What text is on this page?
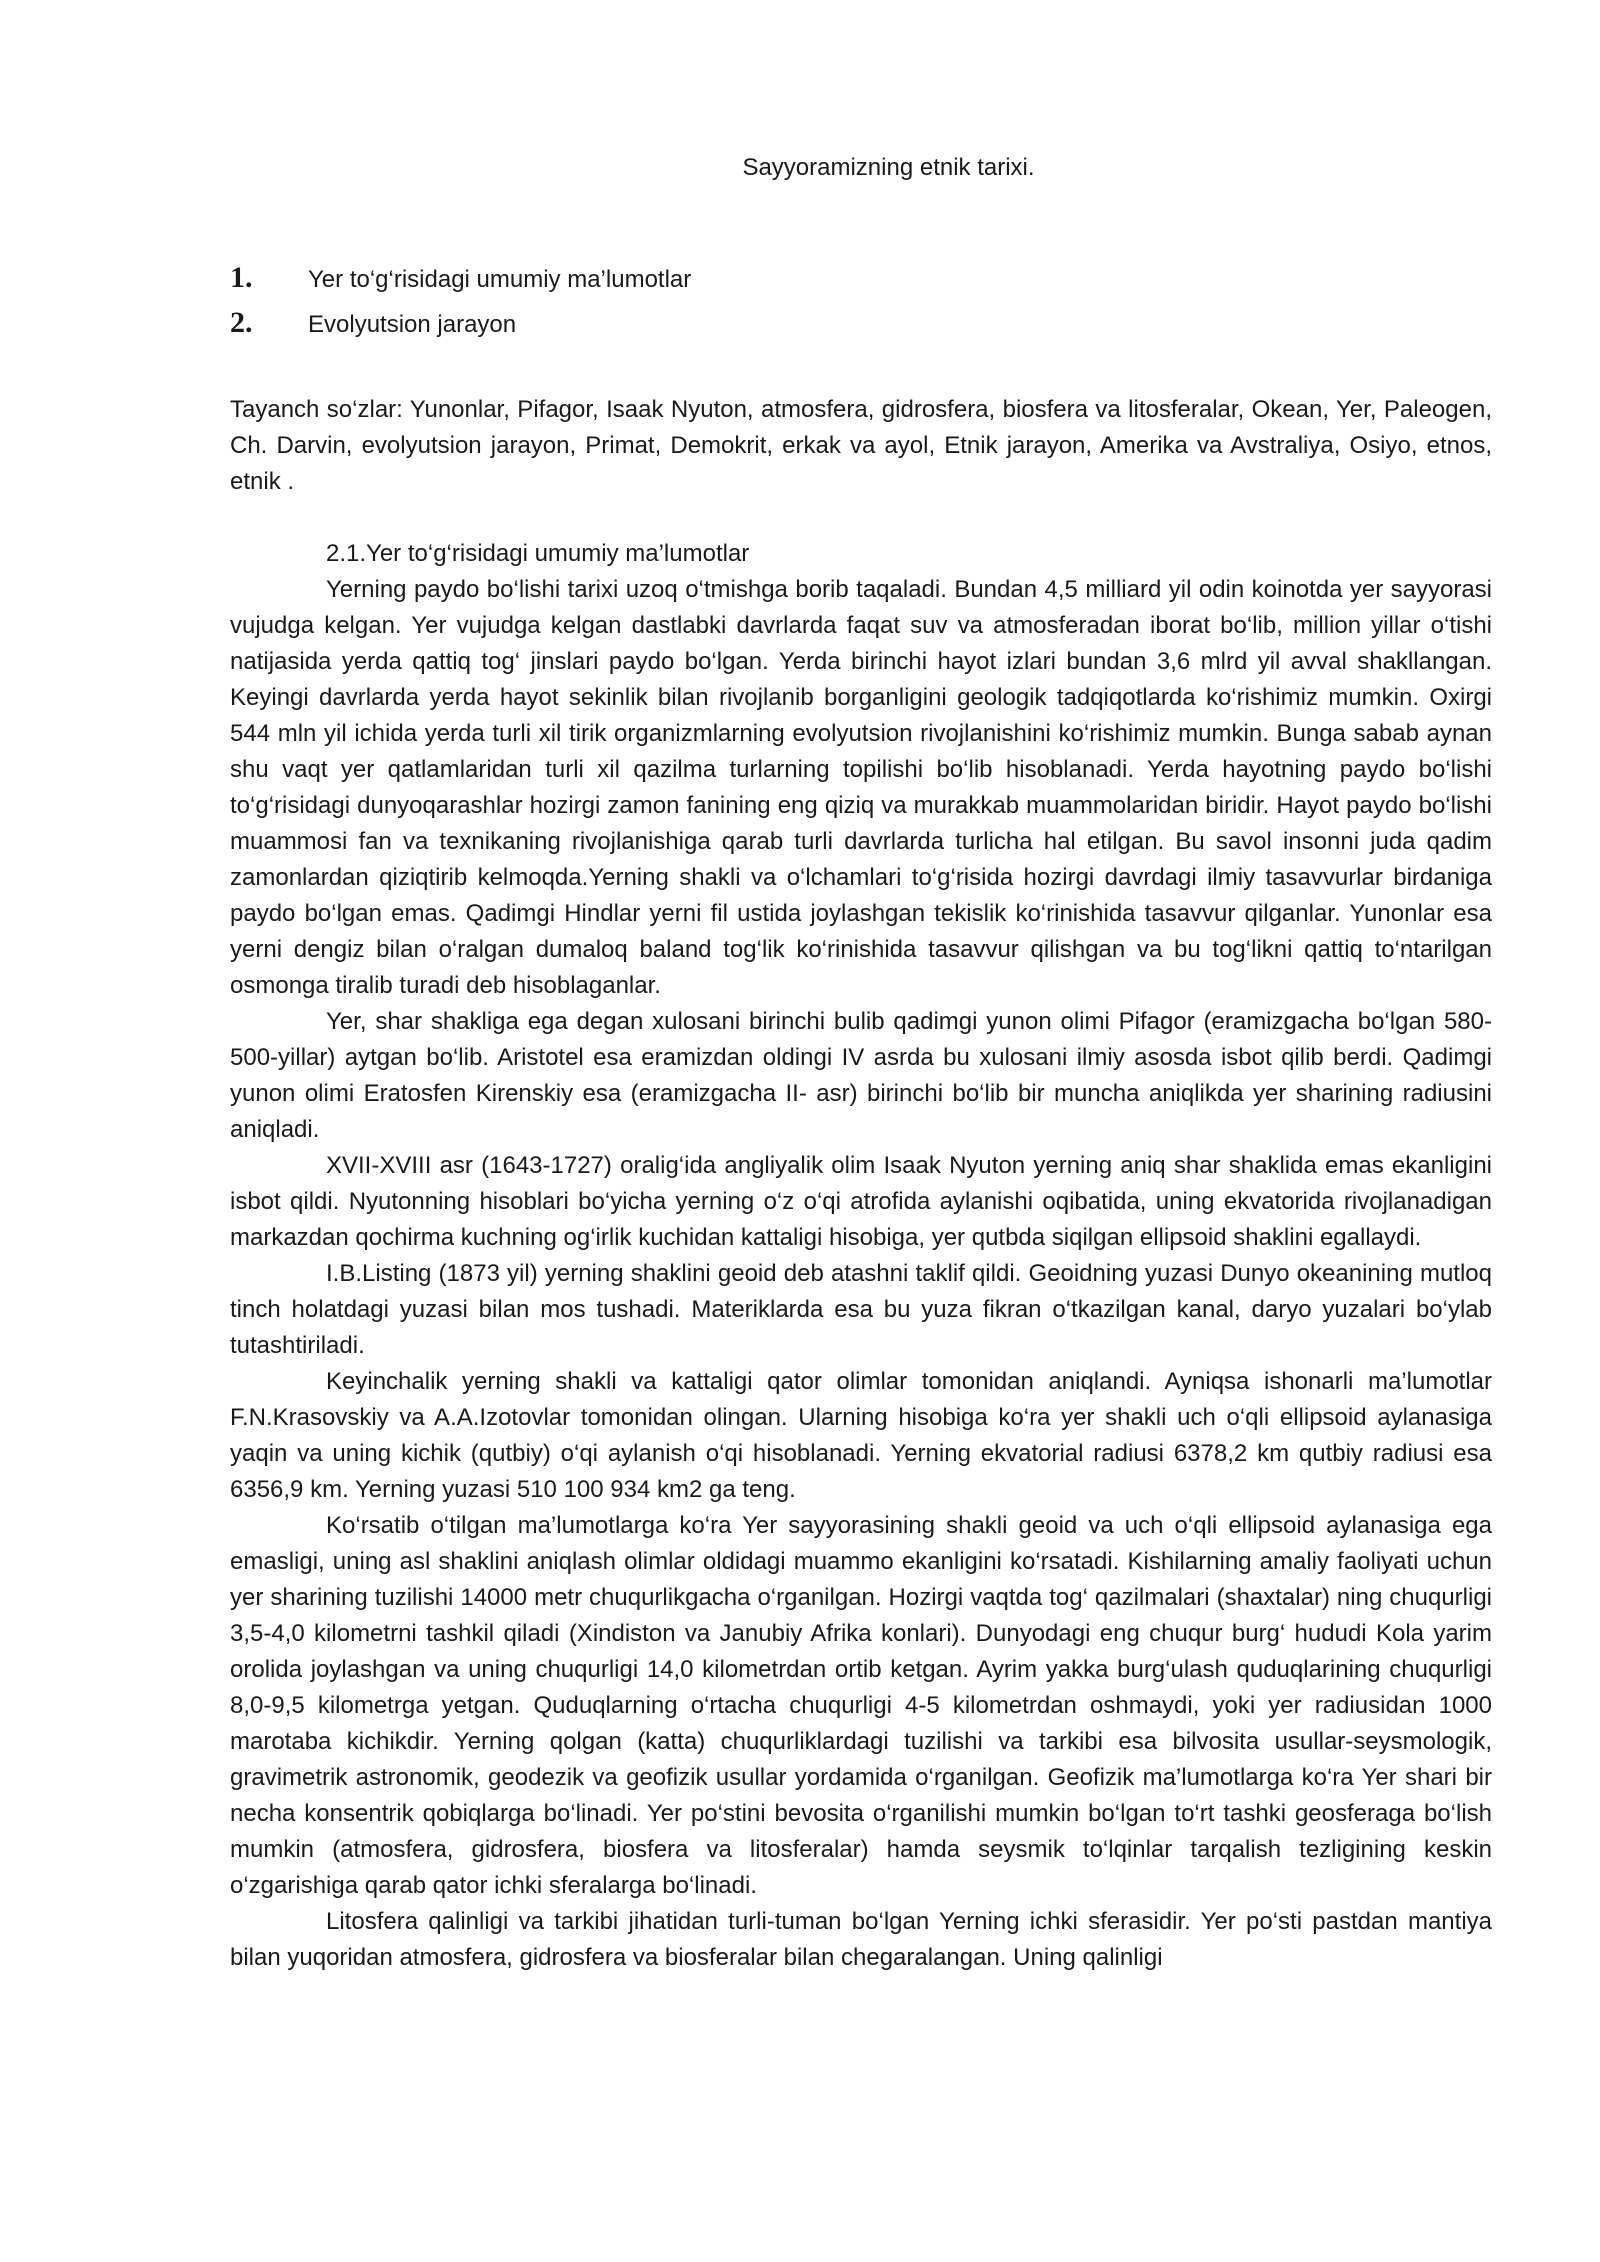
Sayyoramizning etnik tarixi.
1.	Yer to‘g‘risidagi umumiy ma’lumotlar
2.	Evolyutsion jarayon

Tayanch so‘zlar: Yunonlar, Pifagor, Isaak Nyuton, atmosfera, gidrosfera, biosfera va litosferalar, Okean, Yer, Paleogen, Ch. Darvin, evolyutsion jarayon, Primat, Demokrit, erkak va ayol, Etnik jarayon, Amerika va Avstraliya, Osiyo, etnos, etnik .

2.1.Yer to‘g‘risidagi umumiy ma’lumotlar

Yerning paydo bo‘lishi tarixi uzoq o‘tmishga borib taqaladi. Bundan 4,5 milliard yil odin koinotda yer sayyorasi vujudga kelgan. Yer vujudga kelgan dastlabki davrlarda faqat suv va atmosferadan iborat bo‘lib, million yillar o‘tishi natijasida yerda qattiq tog‘ jinslari paydo bo‘lgan. Yerda birinchi hayot izlari bundan 3,6 mlrd yil avval shakllangan. Keyingi davrlarda yerda hayot sekinlik bilan rivojlanib borganligini geologik tadqiqotlarda ko‘rishimiz mumkin. Oxirgi 544 mln yil ichida yerda turli xil tirik organizmlarning evolyutsion rivojlanishini ko‘rishimiz mumkin. Bunga sabab aynan shu vaqt yer qatlamlaridan turli xil qazilma turlarning topilishi bo‘lib hisoblanadi. Yerda hayotning paydo bo‘lishi to‘g‘risidagi dunyoqarashlar hozirgi zamon fanining eng qiziq va murakkab muammolaridan biridir. Hayot paydo bo‘lishi muammosi fan va texnikaning rivojlanishiga qarab turli davrlarda turlicha hal etilgan. Bu savol insonni juda qadim zamonlardan qiziqtirib kelmoqda.Yerning shakli va o‘lchamlari to‘g‘risida hozirgi davrdagi ilmiy tasavvurlar birdaniga paydo bo‘lgan emas. Qadimgi Hindlar yerni fil ustida joylashgan tekislik ko‘rinishida tasavvur qilganlar. Yunonlar esa yerni dengiz bilan o‘ralgan dumaloq baland tog‘lik ko‘rinishida tasavvur qilishgan va bu tog‘likni qattiq to‘ntarilgan osmonga tiralib turadi deb hisoblaganlar.

Yer, shar shakliga ega degan xulosani birinchi bulib qadimgi yunon olimi Pifagor (eramizgacha bo‘lgan 580-500-yillar) aytgan bo‘lib. Aristotel esa eramizdan oldingi IV asrda bu xulosani ilmiy asosda isbot qilib berdi. Qadimgi yunon olimi Eratosfen Kirenskiy esa (eramizgacha II- asr) birinchi bo‘lib bir muncha aniqlikda yer sharining radiusini aniqladi.

XVII-XVIII asr (1643-1727) oralig‘ida angliyalik olim Isaak Nyuton yerning aniq shar shaklida emas ekanligini isbot qildi. Nyutonning hisoblari bo‘yicha yerning o‘z o‘qi atrofida aylanishi oqibatida, uning ekvatorida rivojlanadigan markazdan qochirma kuchning og‘irlik kuchidan kattaligi hisobiga, yer qutbda siqilgan ellipsoid shaklini egallaydi.

I.B.Listing (1873 yil) yerning shaklini geoid deb atashni taklif qildi. Geoidning yuzasi Dunyo okeanining mutloq tinch holatdagi yuzasi bilan mos tushadi. Materiklarda esa bu yuza fikran o‘tkazilgan kanal, daryo yuzalari bo‘ylab tutashtiriladi.

Keyinchalik yerning shakli va kattaligi qator olimlar tomonidan aniqlandi. Ayniqsa ishonarli ma’lumotlar F.N.Krasovskiy va A.A.Izotovlar tomonidan olingan. Ularning hisobiga ko‘ra yer shakli uch o‘qli ellipsoid aylanasiga yaqin va uning kichik (qutbiy) o‘qi aylanish o‘qi hisoblanadi. Yerning ekvatorial radiusi 6378,2 km qutbiy radiusi esa 6356,9 km. Yerning yuzasi 510 100 934 km2 ga teng.

Ko‘rsatib o‘tilgan ma’lumotlarga ko‘ra Yer sayyorasining shakli geoid va uch o‘qli ellipsoid aylanasiga ega emasligi, uning asl shaklini aniqlash olimlar oldidagi muammo ekanligini ko‘rsatadi. Kishilarning amaliy faoliyati uchun yer sharining tuzilishi 14000 metr chuqurlikgacha o‘rganilgan. Hozirgi vaqtda tog‘ qazilmalari (shaxtalar) ning chuqurligi 3,5-4,0 kilometrni tashkil qiladi (Xindiston va Janubiy Afrika konlari). Dunyodagi eng chuqur burg‘ hududi Kola yarim orolida joylashgan va uning chuqurligi 14,0 kilometrdan ortib ketgan. Ayrim yakka burg‘ulash quduqlarining chuqurligi 8,0-9,5 kilometrga yetgan. Quduqlarning o‘rtacha chuqurligi 4-5 kilometrdan oshmaydi, yoki yer radiusidan 1000 marotaba kichikdir. Yerning qolgan (katta) chuqurliklardagi tuzilishi va tarkibi esa bilvosita usullar-seysmologik, gravimetrik astronomik, geodezik va geofizik usullar yordamida o‘rganilgan. Geofizik ma’lumotlarga ko‘ra Yer shari bir necha konsentrik qobiqlarga bo‘linadi. Yer po‘stini bevosita o‘rganilishi mumkin bo‘lgan to‘rt tashki geosferaga bo‘lish mumkin (atmosfera, gidrosfera, biosfera va litosferalar) hamda seysmik to‘lqinlar tarqalish tezligining keskin o‘zgarishiga qarab qator ichki sferalarga bo‘linadi.

Litosfera qalinligi va tarkibi jihatidan turli-tuman bo‘lgan Yerning ichki sferasidir. Yer po‘sti pastdan mantiya bilan yuqoridan atmosfera, gidrosfera va biosferalar bilan chegaralangan. Uning qalinligi
